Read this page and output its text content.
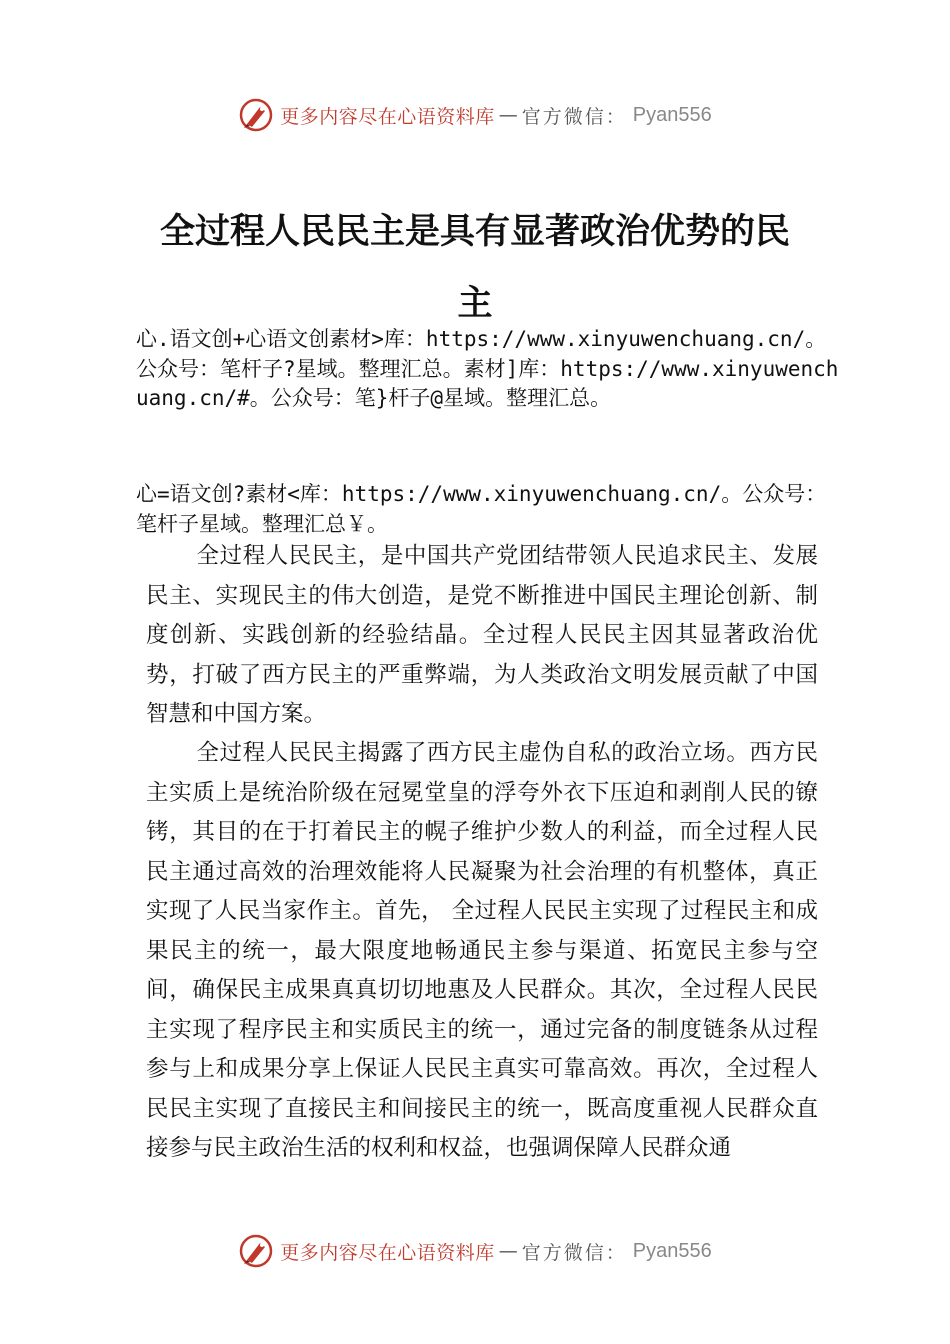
更多内容尽在心语资料库 — 官方微信： Pyan556
全过程人民民主是具有显著政治优势的民
主

心.语文创+心语文创素材>库：https://www.xinyuwenchuang.cn/。公众号：笔杆子?星域。整理汇总。素材]库：https://www.xinyuwenchuang.cn/#。公众号：笔}杆子@星域。整理汇总。

心=语文创?素材<库：https://www.xinyuwenchuang.cn/。公众号：笔杆子星域。整理汇总￥。

全过程人民民主，是中国共产党团结带领人民追求民主、发展民主、实现民主的伟大创造，是党不断推进中国民主理论创新、制度创新、实践创新的经验结晶。全过程人民民主因其显著政治优势，打破了西方民主的严重弊端，为人类政治文明发展贡献了中国智慧和中国方案。

全过程人民民主揭露了西方民主虚伪自私的政治立场。西方民主实质上是统治阶级在冠冕堂皇的浮夸外衣下压迫和剥削人民的镣铐，其目的在于打着民主的幌子维护少数人的利益，而全过程人民民主通过高效的治理效能将人民凝聚为社会治理的有机整体，真正实现了人民当家作主。首先， 全过程人民民主实现了过程民主和成果民主的统一，最大限度地畅通民主参与渠道、拓宽民主参与空间，确保民主成果真真切切地惠及人民群众。其次，全过程人民民主实现了程序民主和实质民主的统一，通过完备的制度链条从过程参与上和成果分享上保证人民民主真实可靠高效。再次，全过程人民民主实现了直接民主和间接民主的统一，既高度重视人民群众直接参与民主政治生活的权利和权益，也强调保障人民群众通

更多内容尽在心语资料库 — 官方微信： Pyan556
